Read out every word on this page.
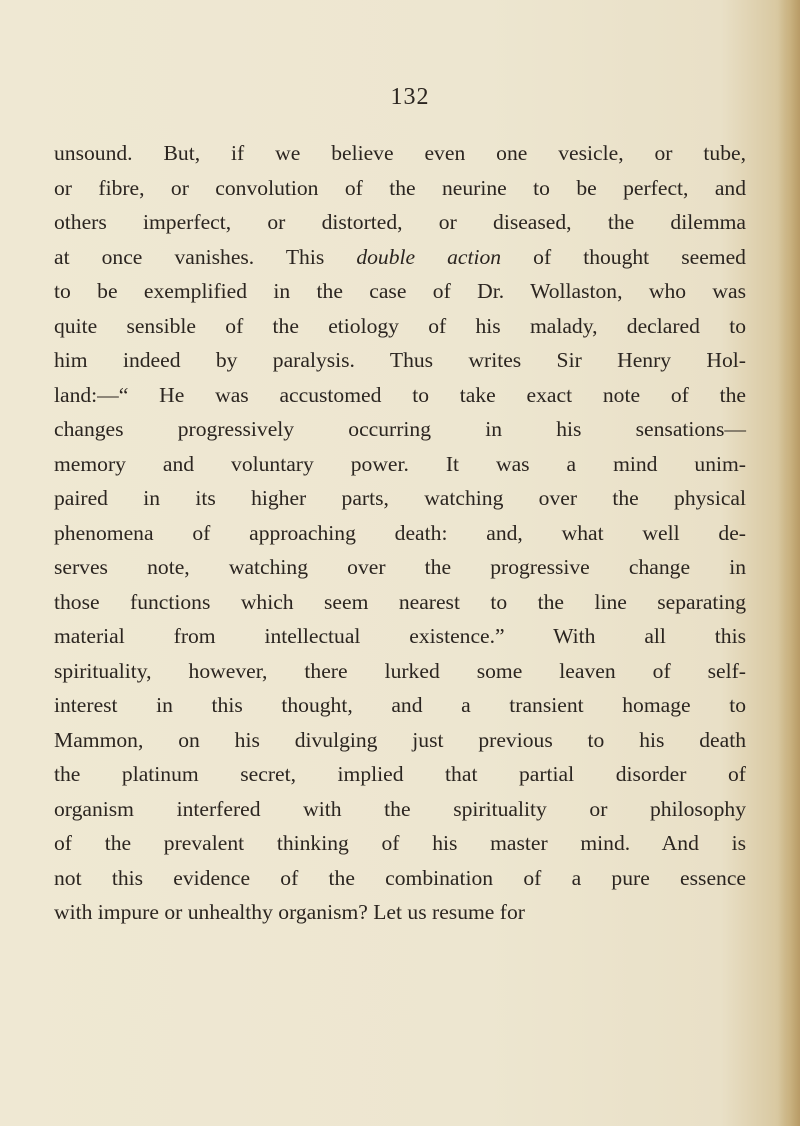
132
unsound. But, if we believe even one vesicle, or tube,
or fibre, or convolution of the neurine to be perfect, and
others imperfect, or distorted, or diseased, the dilemma
at once vanishes. This double action of thought seemed
to be exemplified in the case of Dr. Wollaston, who was
quite sensible of the etiology of his malady, declared to
him indeed by paralysis. Thus writes Sir Henry Hol-
land:—“ He was accustomed to take exact note of the
changes progressively occurring in his sensations—
memory and voluntary power. It was a mind unim-
paired in its higher parts, watching over the physical
phenomena of approaching death: and, what well de-
serves note, watching over the progressive change in
those functions which seem nearest to the line separating
material from intellectual existence.” With all this
spirituality, however, there lurked some leaven of self-
interest in this thought, and a transient homage to
Mammon, on his divulging just previous to his death
the platinum secret, implied that partial disorder of
organism interfered with the spirituality or philosophy
of the prevalent thinking of his master mind. And is
not this evidence of the combination of a pure essence
with impure or unhealthy organism? Let us resume for
